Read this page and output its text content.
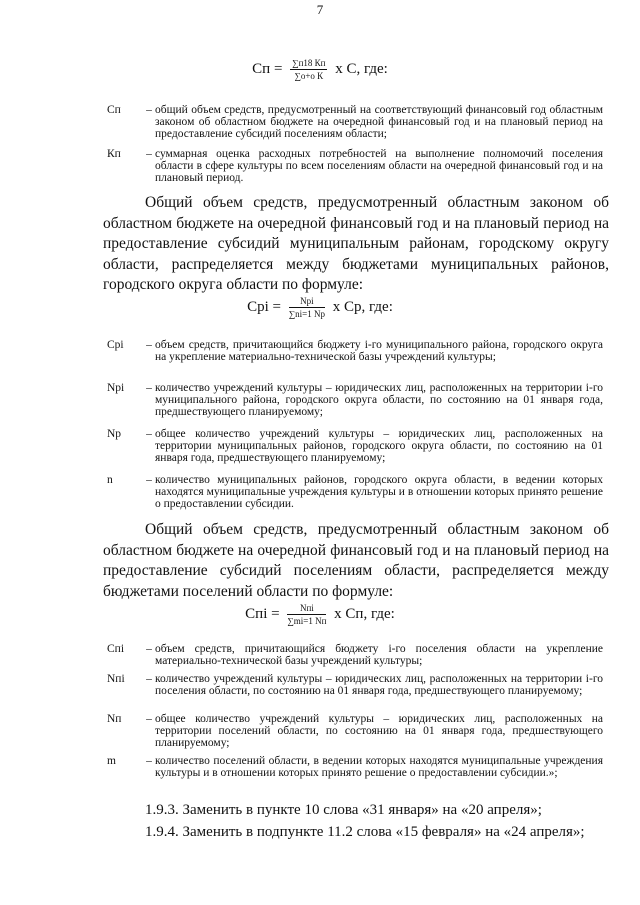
7
Сп = $\frac{\sum п18 Кп}{\text{∑о+о К}}$ х С, где:
Сп	– общий объем средств, предусмотренный на соответствующий финансовый год областным законом об областном бюджете на очередной финансовый год и на плановый период на предоставление субсидий поселениям области;
Кп	– суммарная оценка расходных потребностей на выполнение полномочий поселения области в сфере культуры по всем поселениям области на очередной финансовый год и на плановый период.
Общий объем средств, предусмотренный областным законом об областном бюджете на очередной финансовый год и на плановый период на предоставление субсидий муниципальным районам, городскому округу области, распределяется между бюджетами муниципальных районов, городского округа области по формуле:
Срi = $\frac{\text{Nрi}}{\sum ni=1 Nр}$ х Ср, где:
Срi	– объем средств, причитающийся бюджету i-го муниципального района, городского округа на укрепление материально-технической базы учреждений культуры;
Nрi	– количество учреждений культуры – юридических лиц, расположенных на территории i-го муниципального района, городского округа области, по состоянию на 01 января года, предшествующего планируемому;
Nр	– общее количество учреждений культуры – юридических лиц, расположенных на территории муниципальных районов, городского округа области, по состоянию на 01 января года, предшествующего планируемому;
n	– количество муниципальных районов, городского округа области, в ведении которых находятся муниципальные учреждения культуры и в отношении которых принято решение о предоставлении субсидии.
Общий объем средств, предусмотренный областным законом об областном бюджете на очередной финансовый год и на плановый период на предоставление субсидий поселениям области, распределяется между бюджетами поселений области по формуле:
Спi = $\frac{\text{Nпi}}{\sum mi=1 Nп}$ х Сп, где:
Спi	– объем средств, причитающийся бюджету i-го поселения области на укрепление материально-технической базы учреждений культуры;
Nпi	– количество учреждений культуры – юридических лиц, расположенных на территории i-го поселения области, по состоянию на 01 января года, предшествующего планируемому;
Nп	– общее количество учреждений культуры – юридических лиц, расположенных на территории поселений области, по состоянию на 01 января года, предшествующего планируемому;
m	– количество поселений области, в ведении которых находятся муниципальные учреждения культуры и в отношении которых принято решение о предоставлении субсидии.»;
1.9.3. Заменить в пункте 10 слова «31 января» на «20 апреля»;
1.9.4. Заменить в подпункте 11.2 слова «15 февраля» на «24 апреля»;
